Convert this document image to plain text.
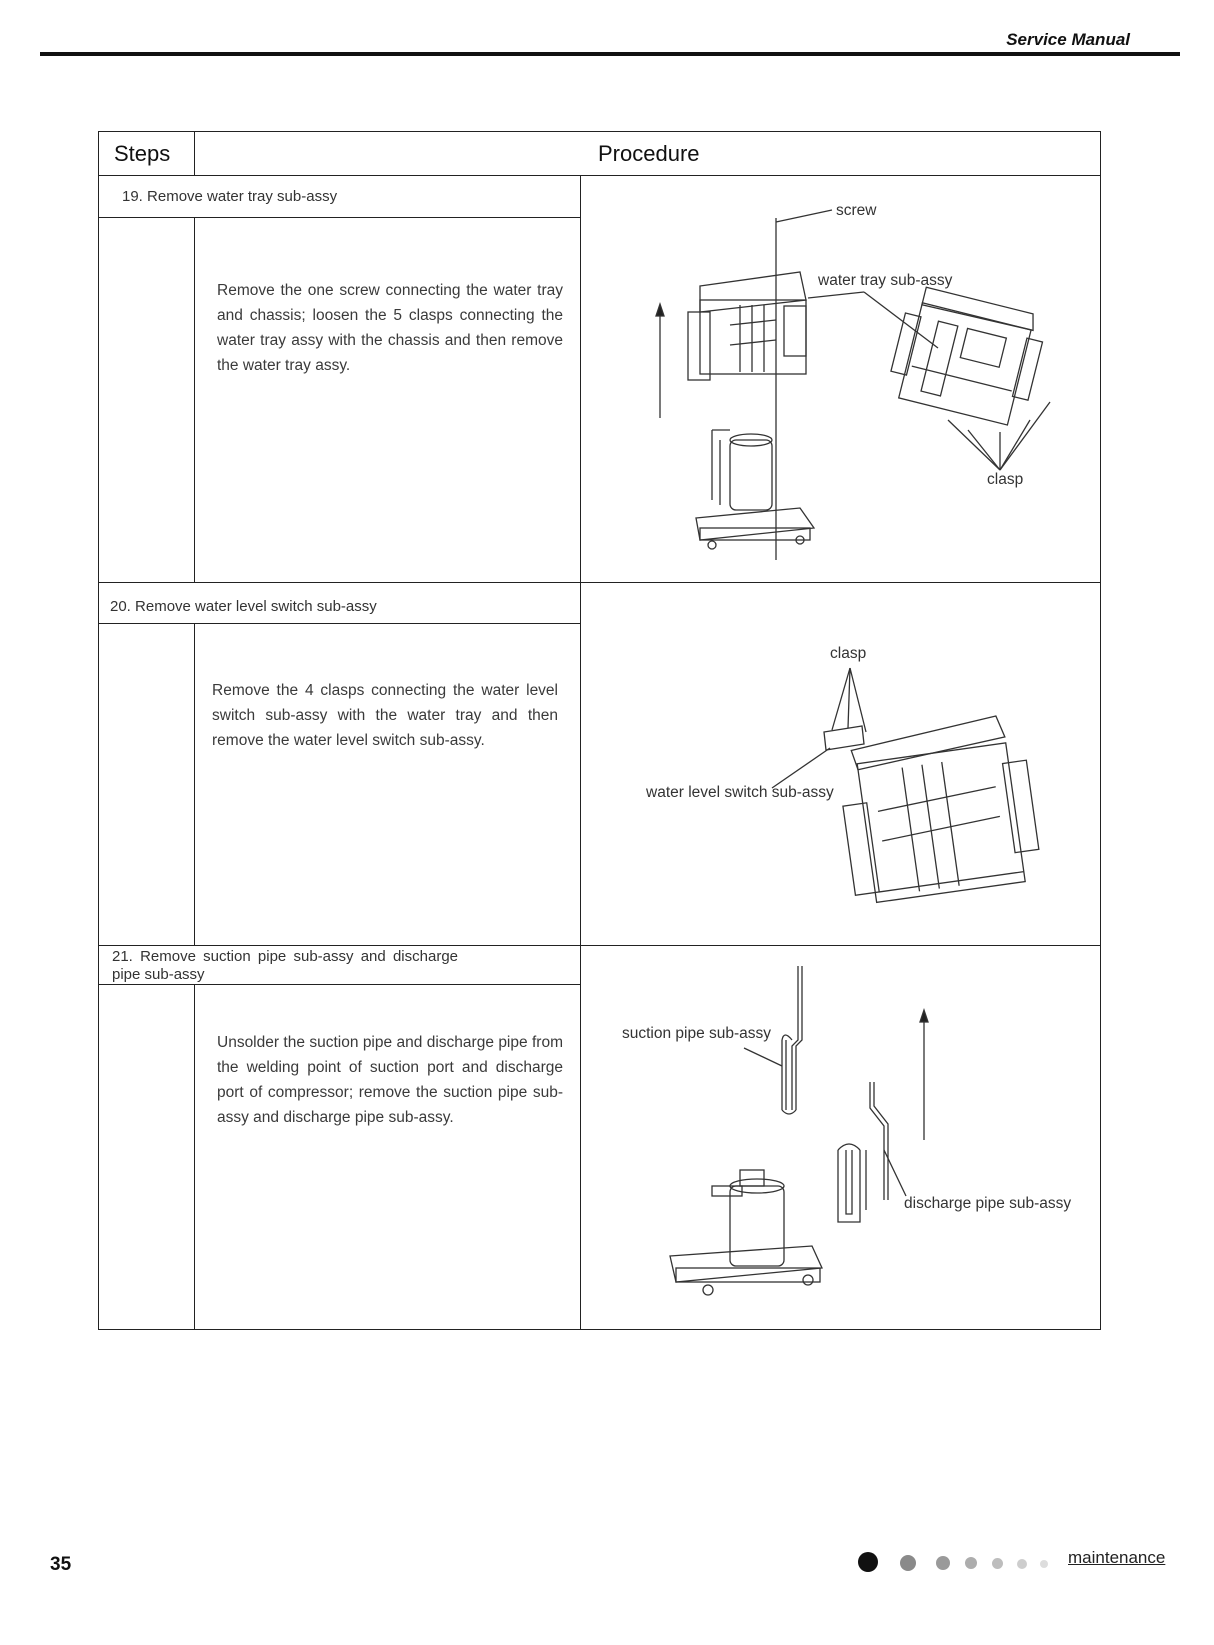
Service Manual
Steps	Procedure
19. Remove water tray sub-assy
Remove the one screw connecting the water tray and chassis; loosen the 5 clasps connecting the water tray assy with the chassis and then remove the water tray assy.
screw
water tray sub-assy
clasp
20. Remove water level switch sub-assy
Remove the 4 clasps connecting the water level switch sub-assy with the water tray and then remove the water level switch sub-assy.
clasp
water level switch sub-assy
21. Remove suction pipe sub-assy and discharge pipe sub-assy
Unsolder the suction pipe and discharge pipe from the welding point of suction port and discharge port of compressor; remove the suction pipe sub-assy and discharge pipe sub-assy.
suction pipe sub-assy
discharge pipe sub-assy
35	maintenance
